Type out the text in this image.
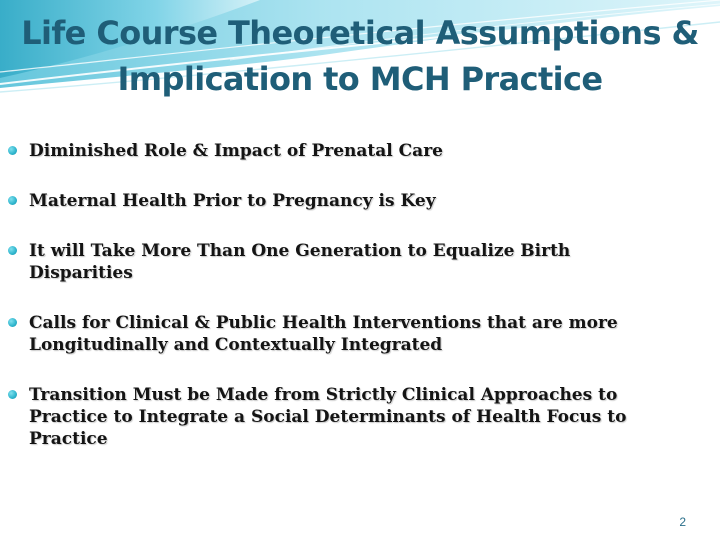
Life Course Theoretical Assumptions & Implication to MCH Practice
Diminished Role & Impact of Prenatal Care
Maternal Health Prior to Pregnancy is Key
It will Take More Than One Generation to Equalize Birth Disparities
Calls for Clinical & Public Health Interventions that are more Longitudinally and Contextually Integrated
Transition Must be Made from Strictly Clinical Approaches to Practice to Integrate a Social Determinants of Health Focus to Practice
2
